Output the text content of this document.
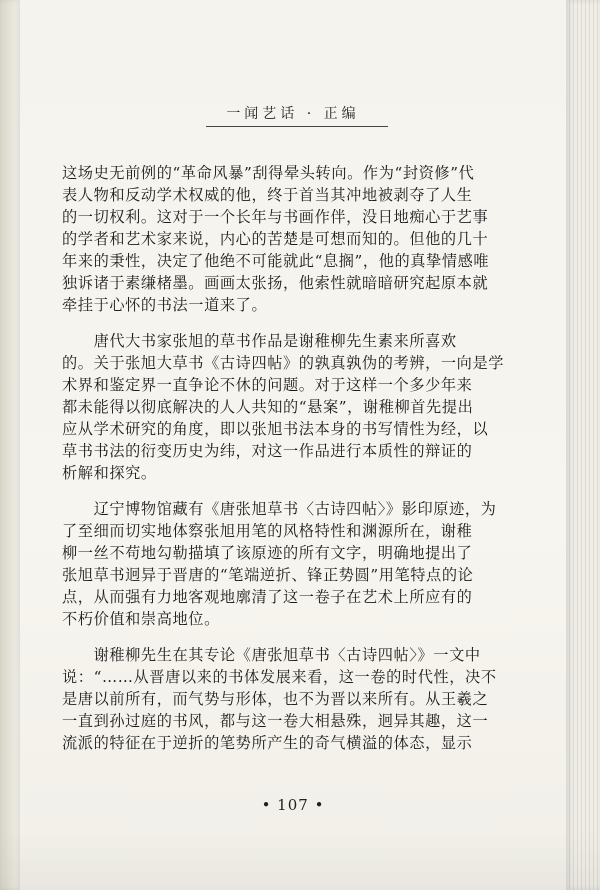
一闻艺话 · 正编
这场史无前例的“革命风暴”刮得晕头转向。作为“封资修”代
表人物和反动学术权威的他，终于首当其冲地被剥夺了人生
的一切权利。这对于一个长年与书画作伴，没日地痴心于艺事
的学者和艺术家来说，内心的苦楚是可想而知的。但他的几十
年来的秉性，决定了他绝不可能就此“息搁”，他的真挚情感唯
独诉诸于素缣楮墨。画画太张扬，他索性就暗暗研究起原本就
牵挂于心怀的书法一道来了。
　　唐代大书家张旭的草书作品是谢稚柳先生素来所喜欢
的。关于张旭大草书《古诗四帖》的孰真孰伪的考辨，一向是学
术界和鉴定界一直争论不休的问题。对于这样一个多少年来
都未能得以彻底解决的人人共知的“悬案”，谢稚柳首先提出
应从学术研究的角度，即以张旭书法本身的书写情性为经，以
草书书法的衍变历史为纬，对这一作品进行本质性的辩证的
析解和探究。
　　辽宁博物馆藏有《唐张旭草书〈古诗四帖〉》影印原迹，为
了至细而切实地体察张旭用笔的风格特性和渊源所在，谢稚
柳一丝不苟地勾勒描填了该原迹的所有文字，明确地提出了
张旭草书迥异于晋唐的“笔端逆折、锋正势圆”用笔特点的论
点，从而强有力地客观地廓清了这一卷子在艺术上所应有的
不朽价值和崇高地位。
　　谢稚柳先生在其专论《唐张旭草书〈古诗四帖〉》一文中
说：“……从晋唐以来的书体发展来看，这一卷的时代性，决不
是唐以前所有，而气势与形体，也不为晋以来所有。从王羲之
一直到孙过庭的书风，都与这一卷大相悬殊，迥异其趣，这一
流派的特征在于逆折的笔势所产生的奇气横溢的体态，显示
• 107 •
